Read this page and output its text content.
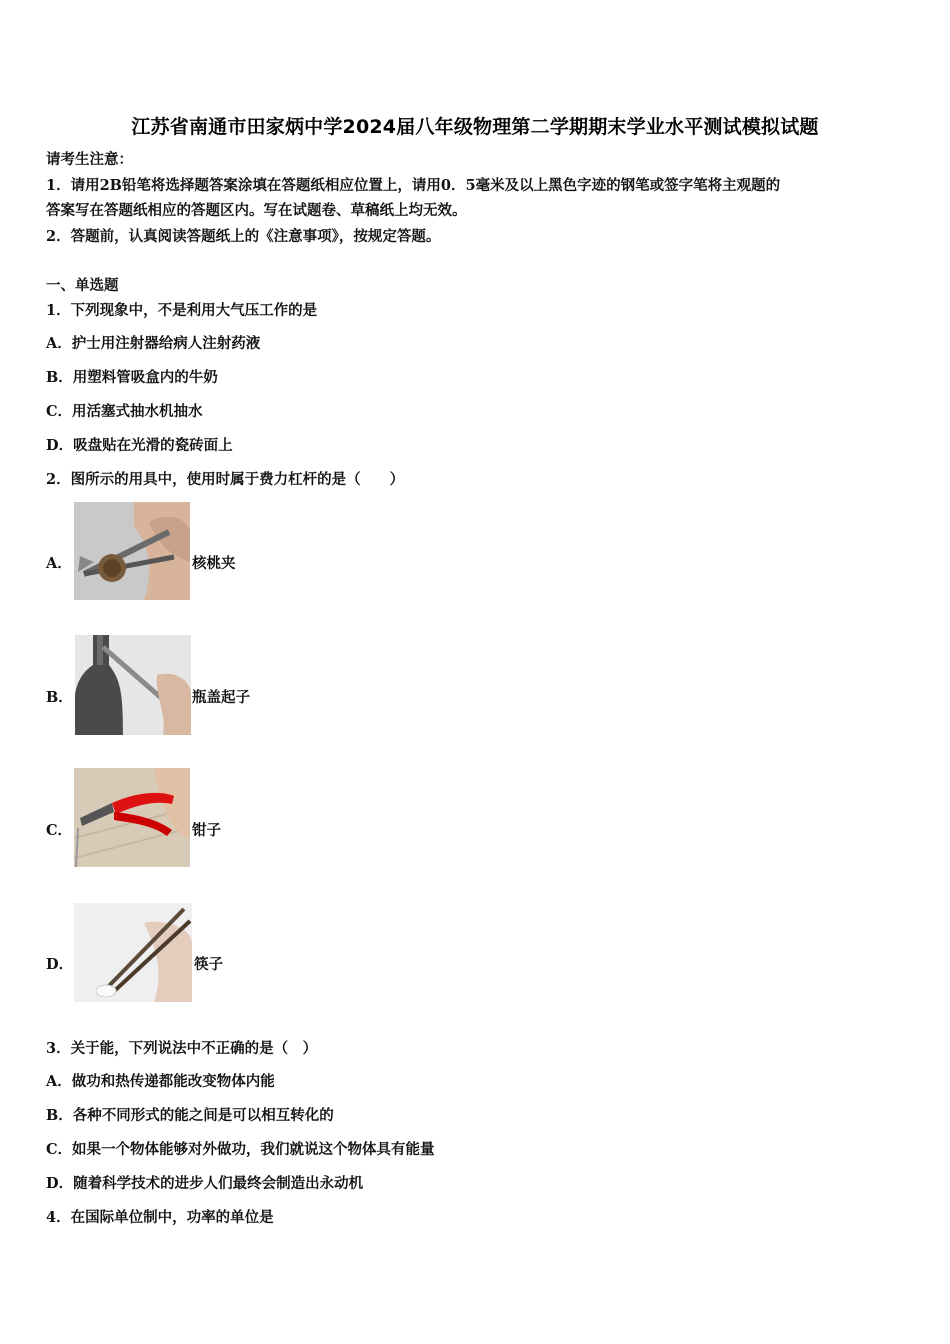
江苏省南通市田家炳中学2024届八年级物理第二学期期末学业水平测试模拟试题
请考生注意：
1．请用2B铅笔将选择题答案涂填在答题纸相应位置上，请用0．5毫米及以上黑色字迹的钢笔或签字笔将主观题的
答案写在答题纸相应的答题区内。写在试题卷、草稿纸上均无效。
2．答题前，认真阅读答题纸上的《注意事项》，按规定答题。
一、单选题
1．下列现象中，不是利用大气压工作的是
A．护士用注射器给病人注射药液
B．用塑料管吸盒内的牛奶
C．用活塞式抽水机抽水
D．吸盘贴在光滑的瓷砖面上
2．图所示的用具中，使用时属于费力杠杆的是（　　）
A．	核桃夹
B．	瓶盖起子
C．	钳子
D．	筷子
3．关于能，下列说法中不正确的是（　）
A．做功和热传递都能改变物体内能
B．各种不同形式的能之间是可以相互转化的
C．如果一个物体能够对外做功，我们就说这个物体具有能量
D．随着科学技术的进步人们最终会制造出永动机
4．在国际单位制中，功率的单位是
